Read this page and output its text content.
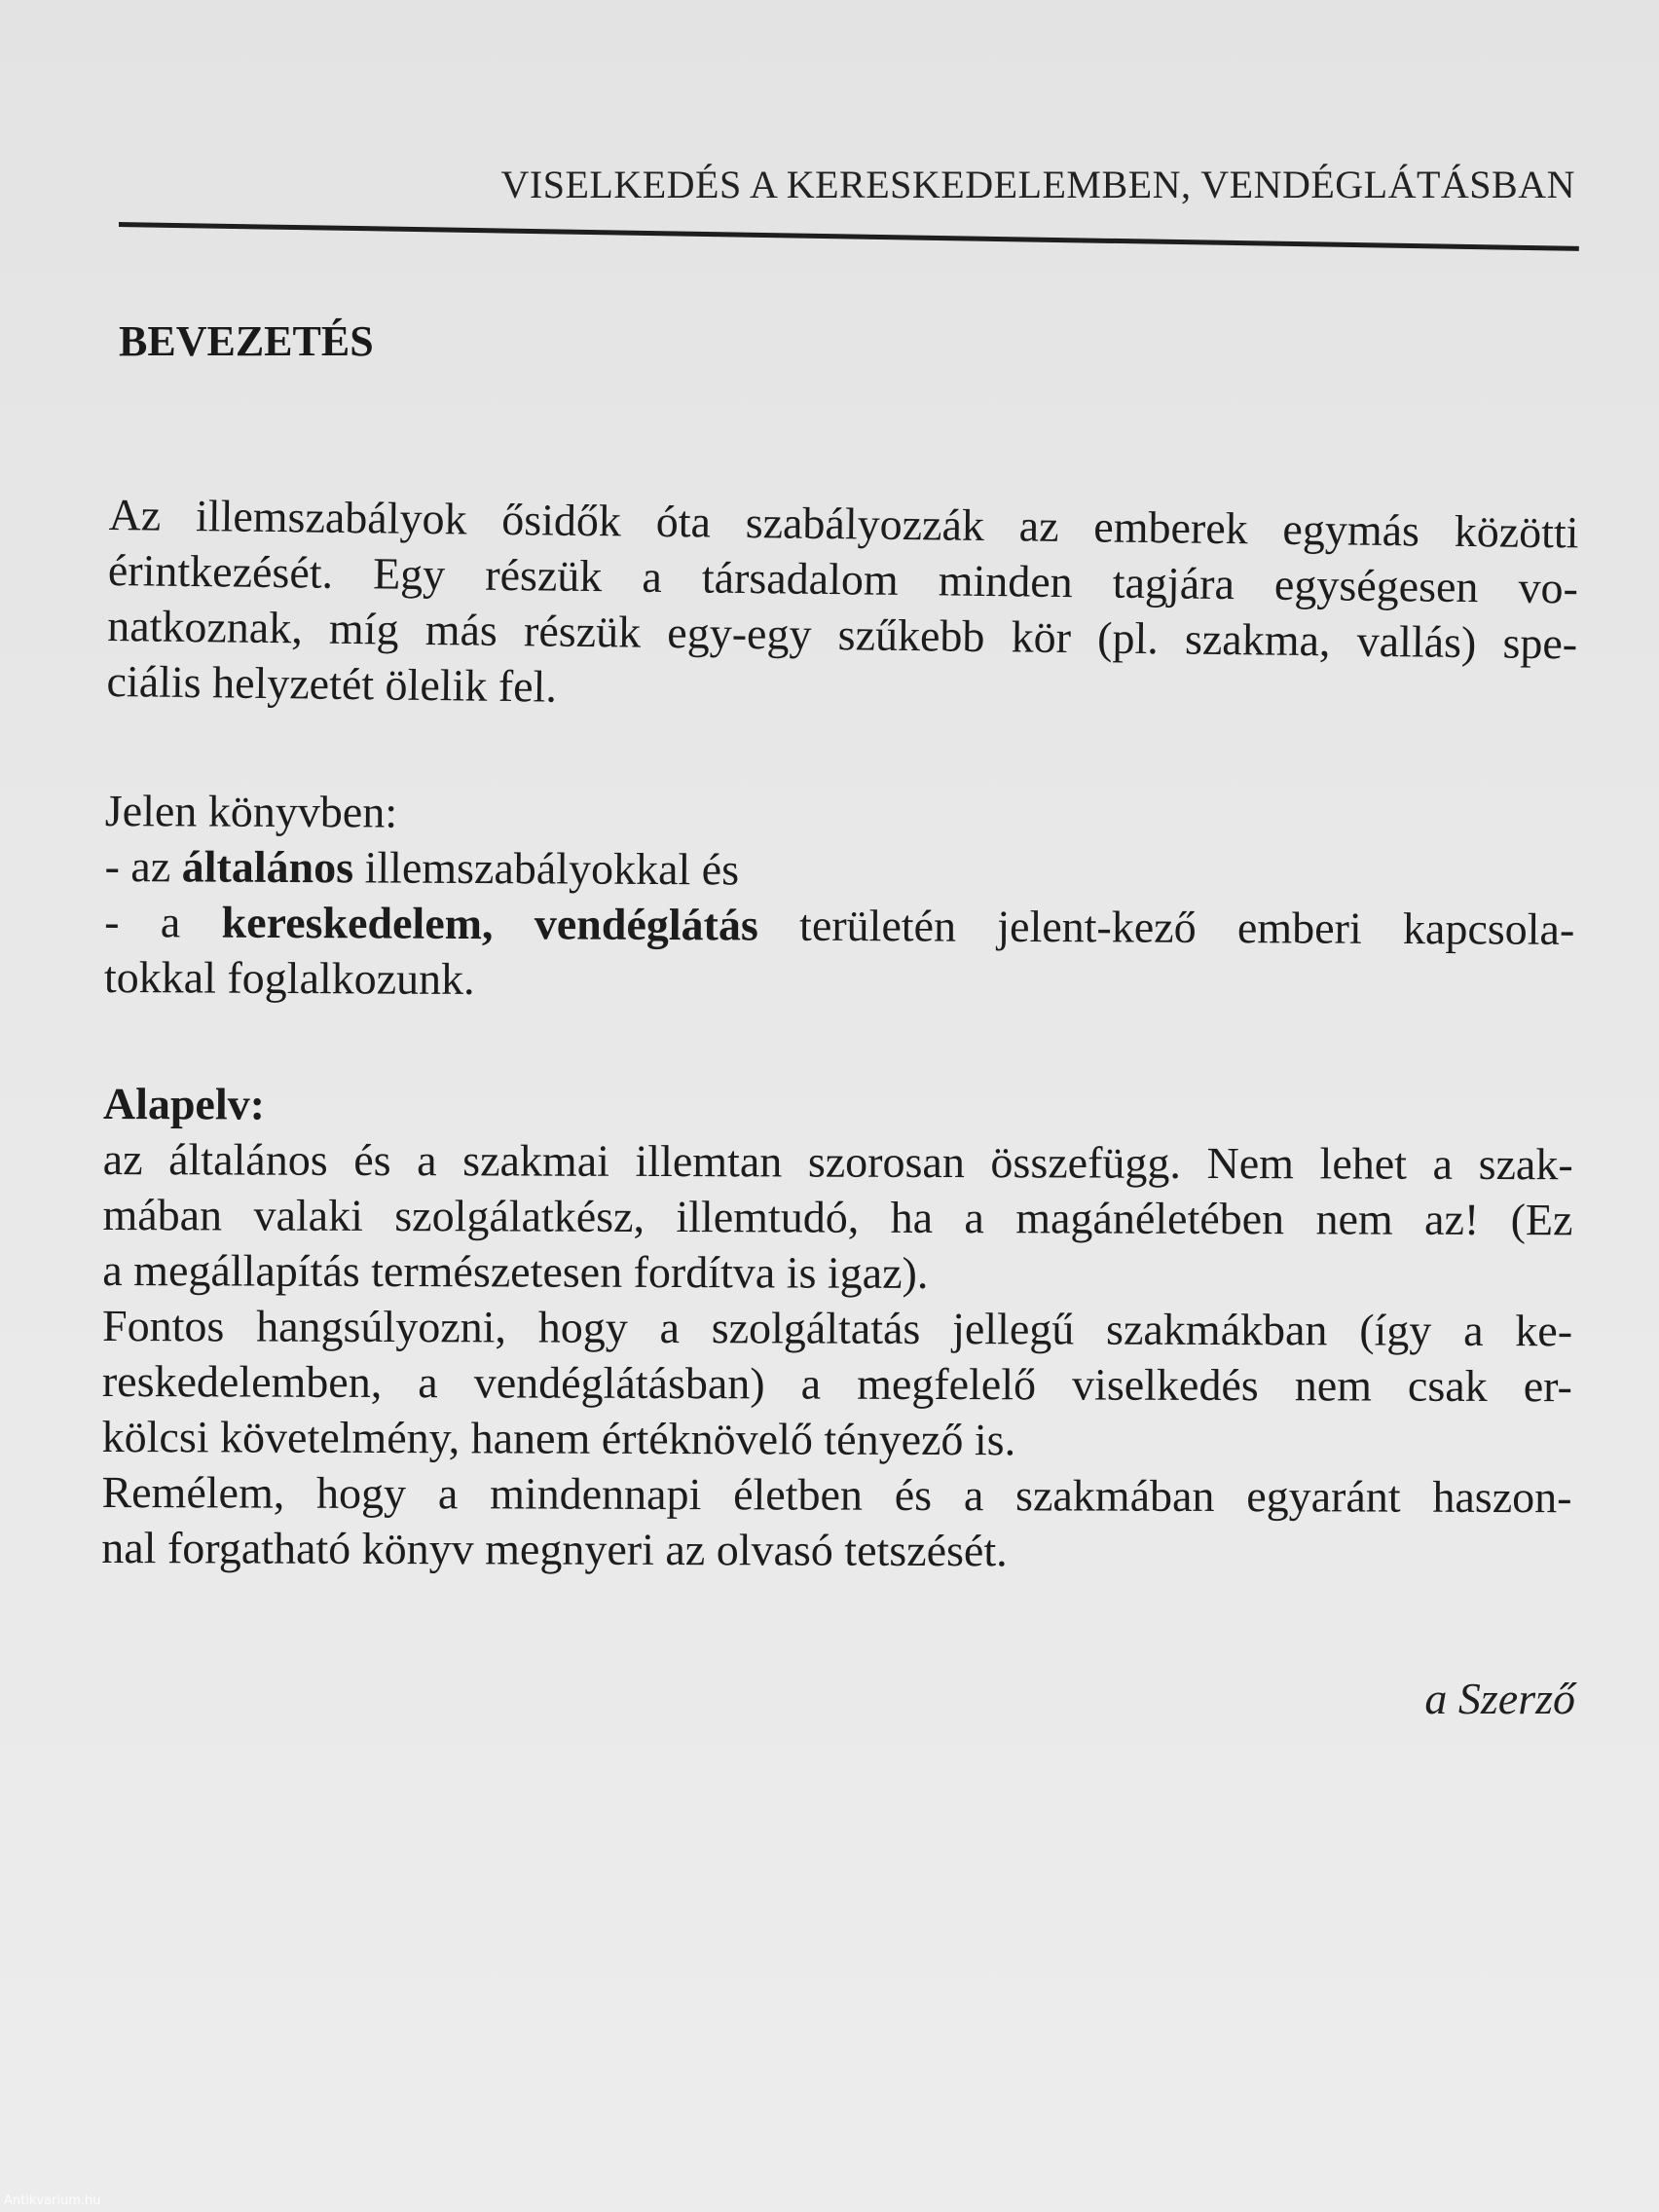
VISELKEDÉS A KERESKEDELEMBEN, VENDÉGLÁTÁSBAN
BEVEZETÉS
Az illemszabályok ősidők óta szabályozzák az emberek egymás közötti
érintkezését. Egy részük a társadalom minden tagjára egységesen vo-
natkoznak, míg más részük egy-egy szűkebb kör (pl. szakma, vallás) spe-
ciális helyzetét ölelik fel.
Jelen könyvben:
- az általános illemszabályokkal és
- a kereskedelem, vendéglátás területén jelent-kező emberi kapcsola-
tokkal foglalkozunk.
Alapelv:
az általános és a szakmai illemtan szorosan összefügg. Nem lehet a szak-
mában valaki szolgálatkész, illemtudó, ha a magánéletében nem az! (Ez
a megállapítás természetesen fordítva is igaz).
Fontos hangsúlyozni, hogy a szolgáltatás jellegű szakmákban (így a ke-
reskedelemben, a vendéglátásban) a megfelelő viselkedés nem csak er-
kölcsi követelmény, hanem értéknövelő tényező is.
Remélem, hogy a mindennapi életben és a szakmában egyaránt haszon-
nal forgatható könyv megnyeri az olvasó tetszését.
a Szerző
Antikvarium.hu
